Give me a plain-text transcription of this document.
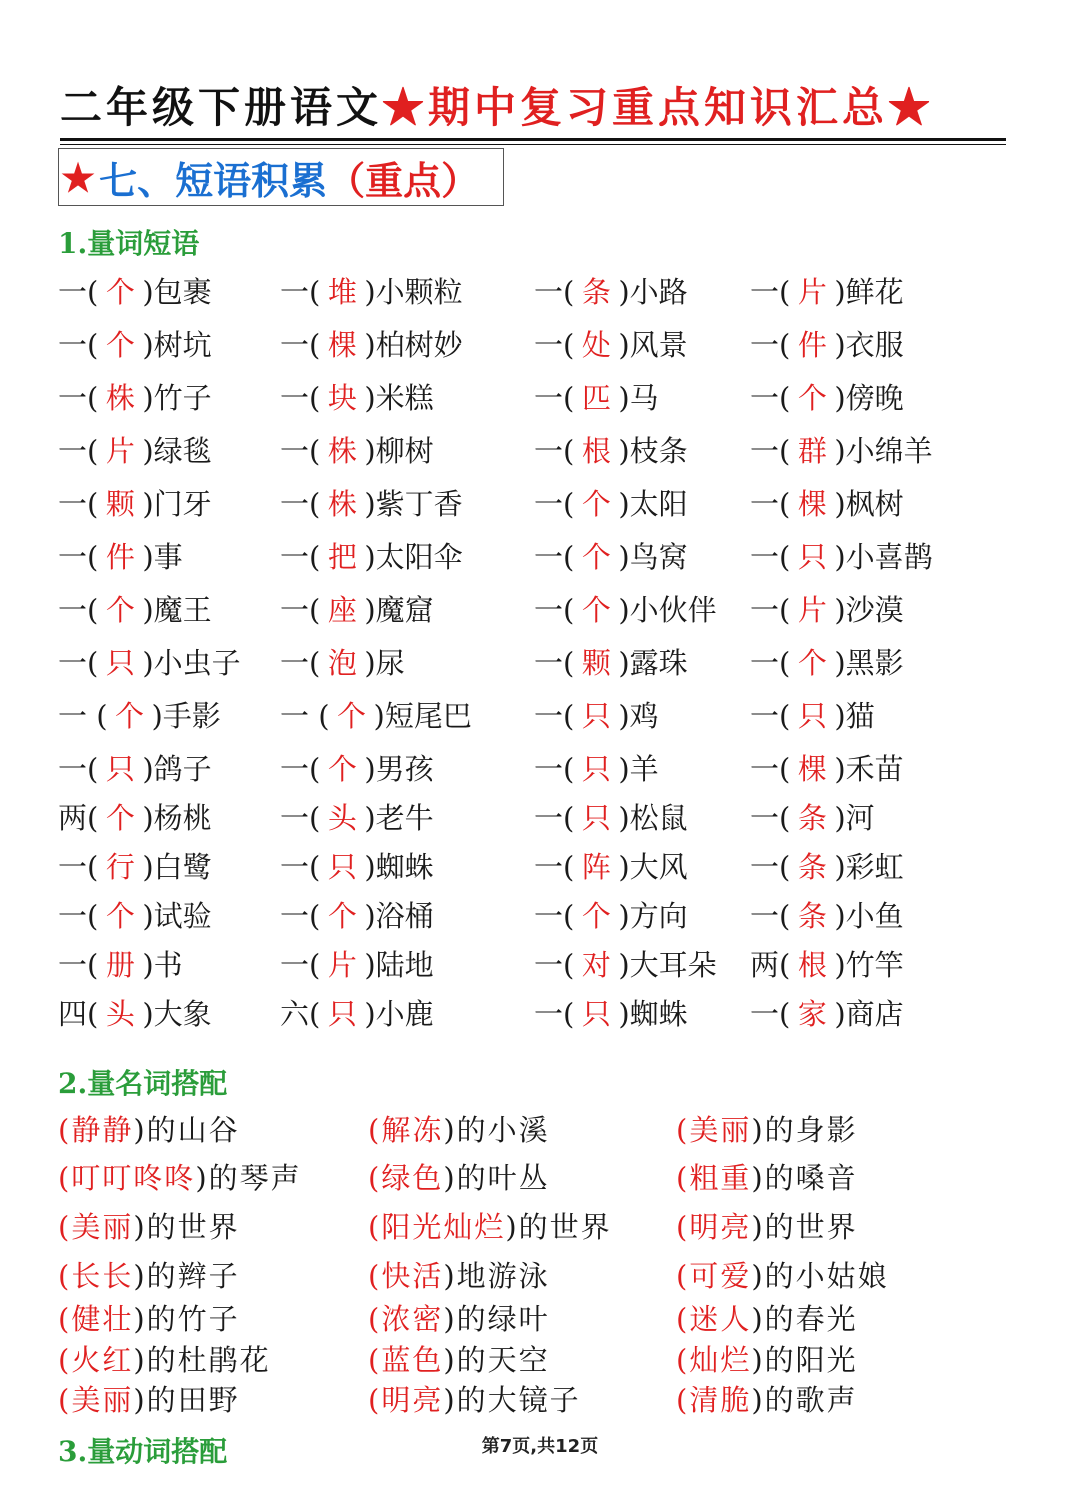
二年级下册语文★期中复习重点知识汇总★
★ 七、短语积累 （重点）
1.量词短语
一( 个 )包裹 一( 堆 )小颗粒 一( 条 )小路 一( 片 )鲜花
一( 个 )树坑 一( 棵 )柏树妙 一( 处 )风景 一( 件 )衣服
一( 株 )竹子 一( 块 )米糕	一( 匹 )马	一( 个 )傍晚
一( 片 )绿毯 一( 株 )柳树	一( 根 )枝条 一( 群 )小绵羊
一( 颗 )门牙 一( 株 )紫丁香 一( 个 )太阳 一( 棵 )枫树
一( 件 )事	一( 把 )太阳伞 一( 个 )鸟窝 一( 只 )小喜鹊
一( 个 )魔王 一( 座 )魔窟	一( 个 )小伙伴 一( 片 )沙漠
一( 只 )小虫子 一( 泡 )尿	一( 颗 )露珠 一( 个 )黑影
一 ( 个 )手影 一 ( 个 )短尾巴 一( 只 )鸡	一( 只 )猫
一( 只 )鸽子 一( 个 )男孩	一( 只 )羊	一( 棵 )禾苗
两( 个 )杨桃 一( 头 )老牛	一( 只 )松鼠 一( 条 )河
一( 行 )白鹭 一( 只 )蜘蛛	一( 阵 )大风 一( 条 )彩虹
一( 个 )试验 一( 个 )浴桶	一( 个 )方向 一( 条 )小鱼
一( 册 )书	一( 片 )陆地	一( 对 )大耳朵 两( 根 )竹竿
四( 头 )大象 六( 只 )小鹿	一( 只 )蜘蛛 一( 家 )商店
2.量名词搭配
(静静)的山谷	(解冻)的小溪	(美丽)的身影
(叮叮咚咚)的琴声 (绿色)的叶丛	(粗重)的嗓音
(美丽)的世界	(阳光灿烂)的世界 (明亮)的世界
(长长)的辫子	(快活)地游泳	(可爱)的小姑娘
(健壮)的竹子	(浓密)的绿叶	(迷人)的春光
(火红)的杜鹃花	(蓝色)的天空	(灿烂)的阳光
(美丽)的田野	(明亮)的大镜子	(清脆)的歌声
3.量动词搭配	第7页,共12页
